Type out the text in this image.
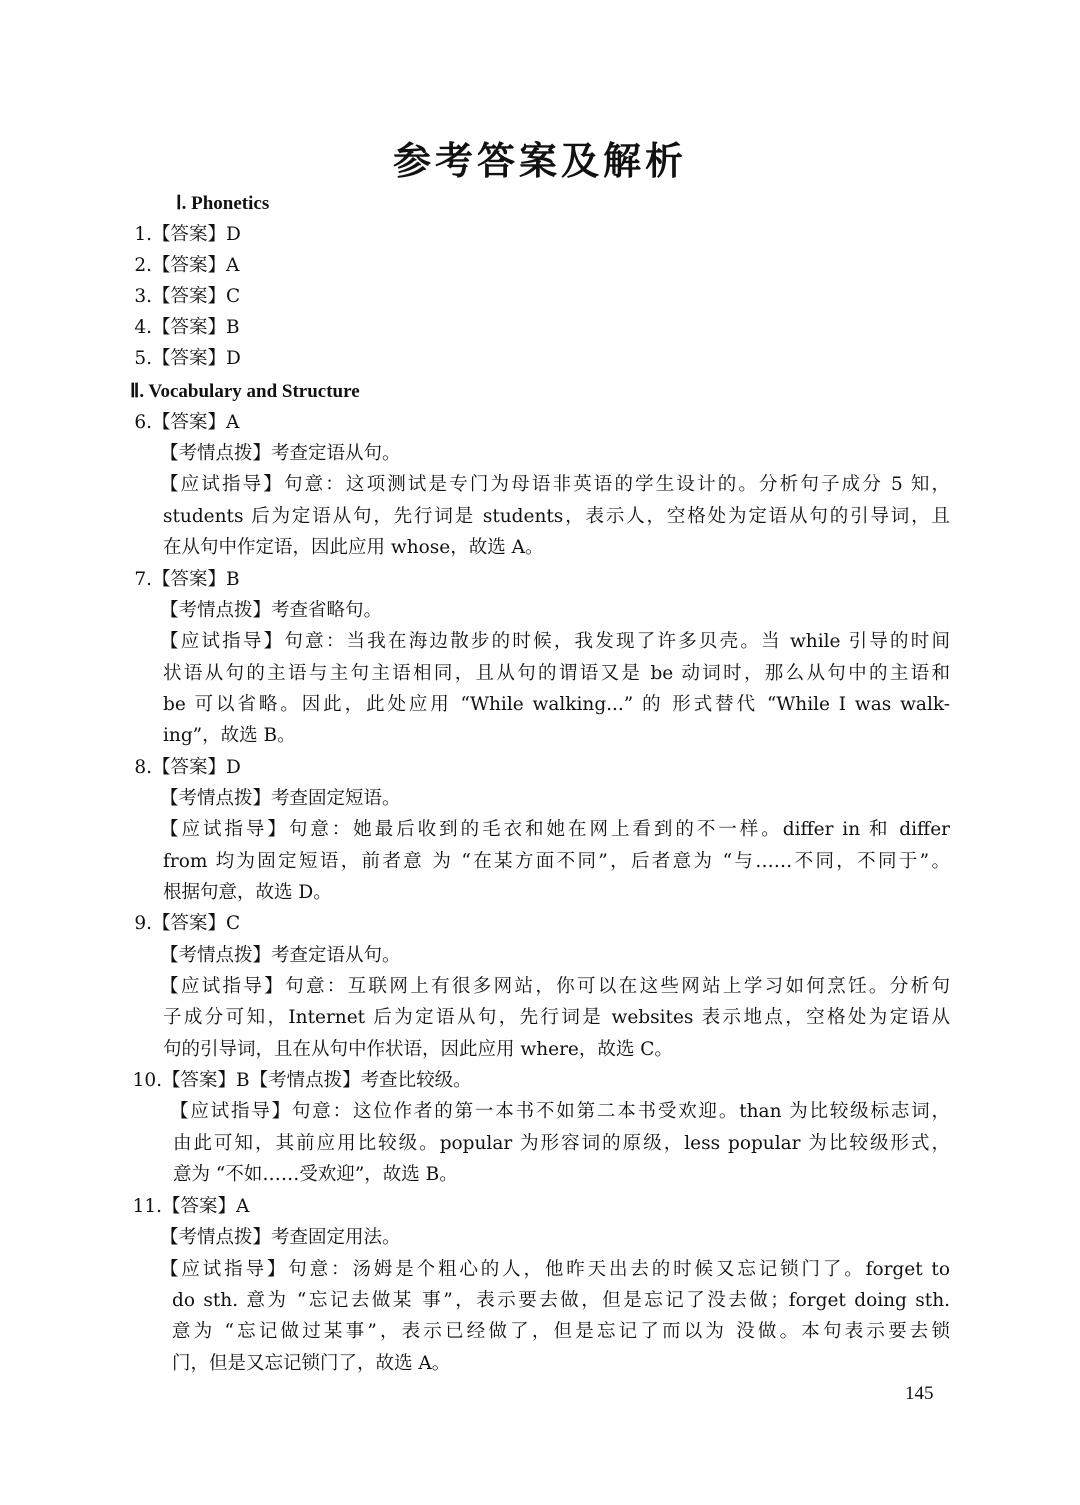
参考答案及解析
Ⅰ. Phonetics
1.【答案】D
2.【答案】A
3.【答案】C
4.【答案】B
5.【答案】D
Ⅱ. Vocabulary and Structure
6.【答案】A
【考情点拨】考查定语从句。
【应试指导】句意：这项测试是专门为母语非英语的学生设计的。分析句子成分 5 知，
students 后为定语从句，先行词是 students，表示人，空格处为定语从句的引导词，且
在从句中作定语，因此应用 whose，故选 A。
7.【答案】B
【考情点拨】考查省略句。
【应试指导】句意：当我在海边散步的时候，我发现了许多贝壳。当 while 引导的时间
状语从句的主语与主句主语相同，且从句的谓语又是 be 动词时，那么从句中的主语和
be 可以省略。因此，此处应用 “While walking...” 的 形式替代 “While I was walk-
ing”，故选 B。
8.【答案】D
【考情点拨】考查固定短语。
【应试指导】句意：她最后收到的毛衣和她在网上看到的不一样。differ in 和 differ
from 均为固定短语，前者意 为 “在某方面不同”，后者意为 “与……不同，不同于”。
根据句意，故选 D。
9.【答案】C
【考情点拨】考查定语从句。
【应试指导】句意：互联网上有很多网站，你可以在这些网站上学习如何烹饪。分析句
子成分可知，Internet 后为定语从句，先行词是 websites 表示地点，空格处为定语从
句的引导词，且在从句中作状语，因此应用 where，故选 C。
10.【答案】B【考情点拨】考查比较级。
【应试指导】句意：这位作者的第一本书不如第二本书受欢迎。than 为比较级标志词，
由此可知，其前应用比较级。popular 为形容词的原级，less popular 为比较级形式，
意为 “不如……受欢迎”，故选 B。
11.【答案】A
【考情点拨】考查固定用法。
【应试指导】句意：汤姆是个粗心的人，他昨天出去的时候又忘记锁门了。forget to
do sth. 意为 “忘记去做某 事”，表示要去做，但是忘记了没去做；forget doing sth.
意为 “忘记做过某事”，表示已经做了，但是忘记了而以为 没做。本句表示要去锁
门，但是又忘记锁门了，故选 A。
145
